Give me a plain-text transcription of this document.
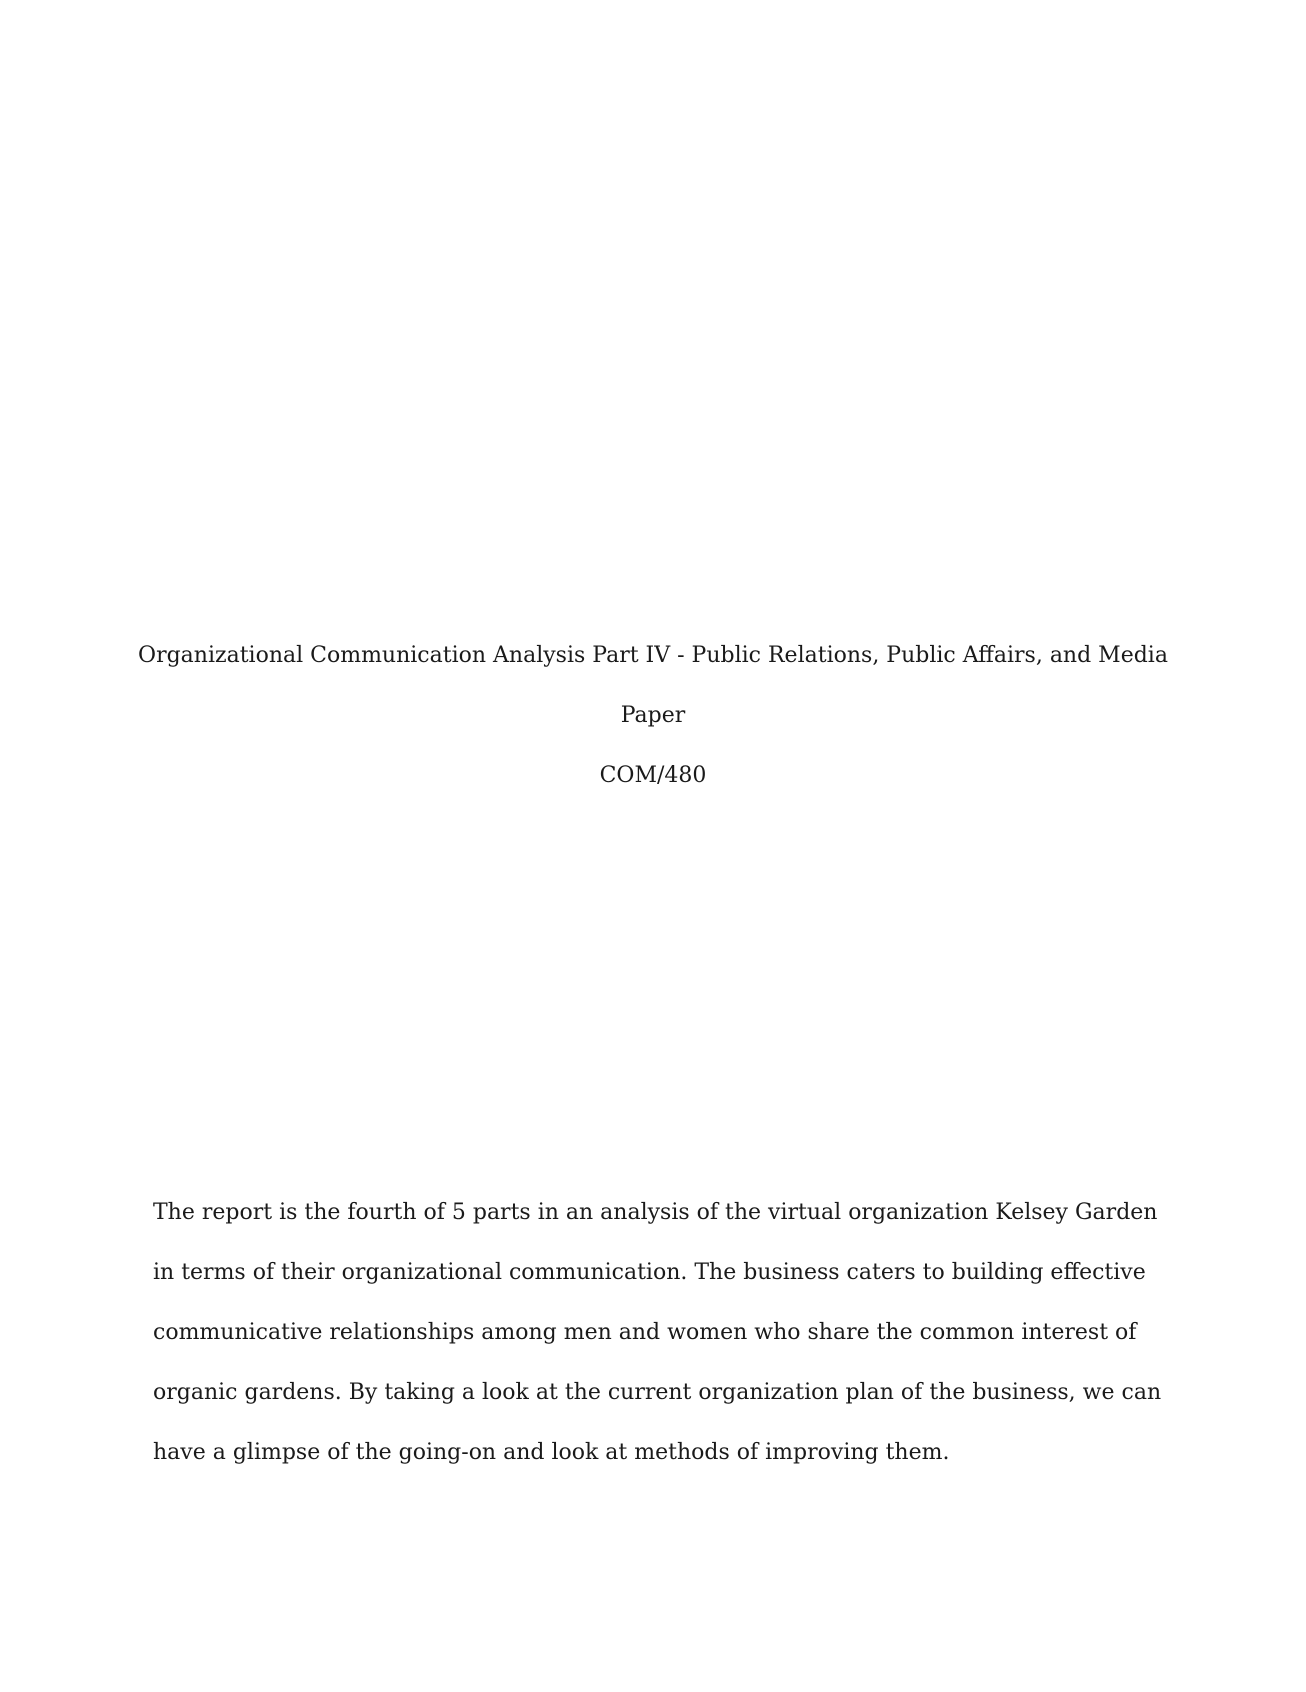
Organizational Communication Analysis Part IV - Public Relations, Public Affairs, and Media
Paper
COM/480
The report is the fourth of 5 parts in an analysis of the virtual organization Kelsey Garden
in terms of their organizational communication. The business caters to building effective
communicative relationships among men and women who share the common interest of
organic gardens. By taking a look at the current organization plan of the business, we can
have a glimpse of the going-on and look at methods of improving them.
